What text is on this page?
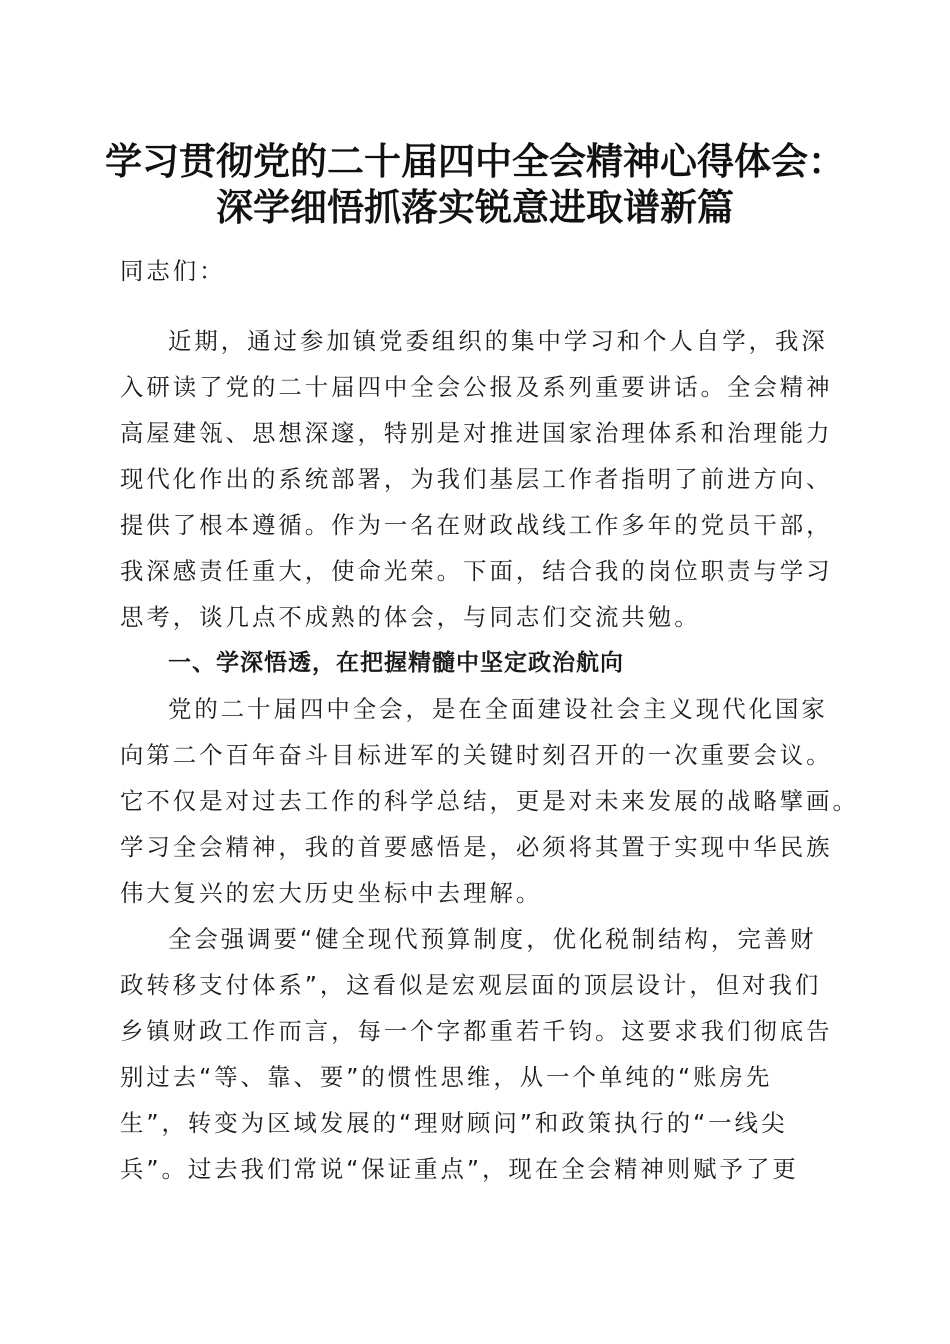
学习贯彻党的二十届四中全会精神心得体会：
深学细悟抓落实锐意进取谱新篇
同志们：
近期，通过参加镇党委组织的集中学习和个人自学，我深
入研读了党的二十届四中全会公报及系列重要讲话。全会精神
高屋建瓴、思想深邃，特别是对推进国家治理体系和治理能力
现代化作出的系统部署，为我们基层工作者指明了前进方向、
提供了根本遵循。作为一名在财政战线工作多年的党员干部，
我深感责任重大，使命光荣。下面，结合我的岗位职责与学习
思考，谈几点不成熟的体会，与同志们交流共勉。
一、学深悟透，在把握精髓中坚定政治航向
党的二十届四中全会，是在全面建设社会主义现代化国家
向第二个百年奋斗目标进军的关键时刻召开的一次重要会议。
它不仅是对过去工作的科学总结，更是对未来发展的战略擘画。
学习全会精神，我的首要感悟是，必须将其置于实现中华民族
伟大复兴的宏大历史坐标中去理解。
全会强调要“健全现代预算制度，优化税制结构，完善财
政转移支付体系”，这看似是宏观层面的顶层设计，但对我们
乡镇财政工作而言，每一个字都重若千钧。这要求我们彻底告
别过去“等、靠、要”的惯性思维，从一个单纯的“账房先
生”，转变为区域发展的“理财顾问”和政策执行的“一线尖
兵”。过去我们常说“保证重点”，现在全会精神则赋予了更
